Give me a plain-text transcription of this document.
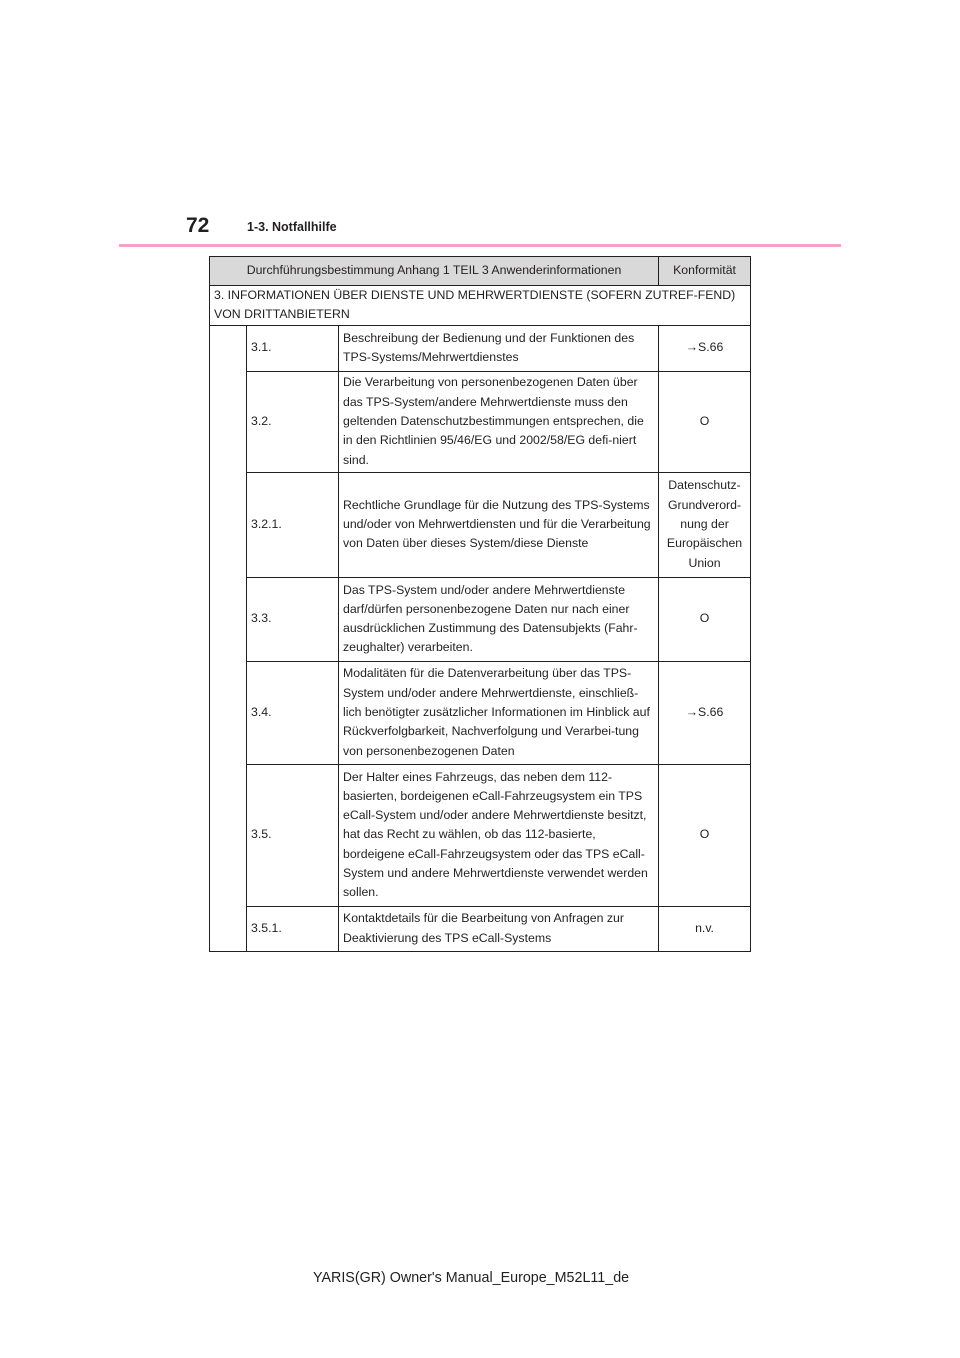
72	1-3. Notfallhilfe
Durchführungsbestimmung Anhang 1 TEIL 3 Anwenderinformationen			Konformität
3. INFORMATIONEN ÜBER DIENSTE UND MEHRWERTDIENSTE (SOFERN ZUTREF-FEND) VON DRITTANBIETERN			
	3.1.	Beschreibung der Bedienung und der Funktionen des TPS-Systems/Mehrwertdienstes	→S.66
	3.2.	Die Verarbeitung von personenbezogenen Daten über das TPS-System/andere Mehrwertdienste muss den geltenden Datenschutzbestimmungen entsprechen, die in den Richtlinien 95/46/EG und 2002/58/EG defi-niert sind.	O
	3.2.1.	Rechtliche Grundlage für die Nutzung des TPS-Systems und/oder von Mehrwertdiensten und für die Verarbeitung von Daten über dieses System/diese Dienste	Datenschutz-Grundverord-nung der Europäischen Union
	3.3.	Das TPS-System und/oder andere Mehrwertdienste darf/dürfen personenbezogene Daten nur nach einer ausdrücklichen Zustimmung des Datensubjekts (Fahr-zeughalter) verarbeiten.	O
	3.4.	Modalitäten für die Datenverarbeitung über das TPS-System und/oder andere Mehrwertdienste, einschließ-lich benötigter zusätzlicher Informationen im Hinblick auf Rückverfolgbarkeit, Nachverfolgung und Verarbei-tung von personenbezogenen Daten	→S.66
	3.5.	Der Halter eines Fahrzeugs, das neben dem 112-basierten, bordeigenen eCall-Fahrzeugsystem ein TPS eCall-System und/oder andere Mehrwertdienste besitzt, hat das Recht zu wählen, ob das 112-basierte, bordeigene eCall-Fahrzeugsystem oder das TPS eCall-System und andere Mehrwertdienste verwendet werden sollen.	O
	3.5.1.	Kontaktdetails für die Bearbeitung von Anfragen zur Deaktivierung des TPS eCall-Systems	n.v.
YARIS(GR) Owner's Manual_Europe_M52L11_de
